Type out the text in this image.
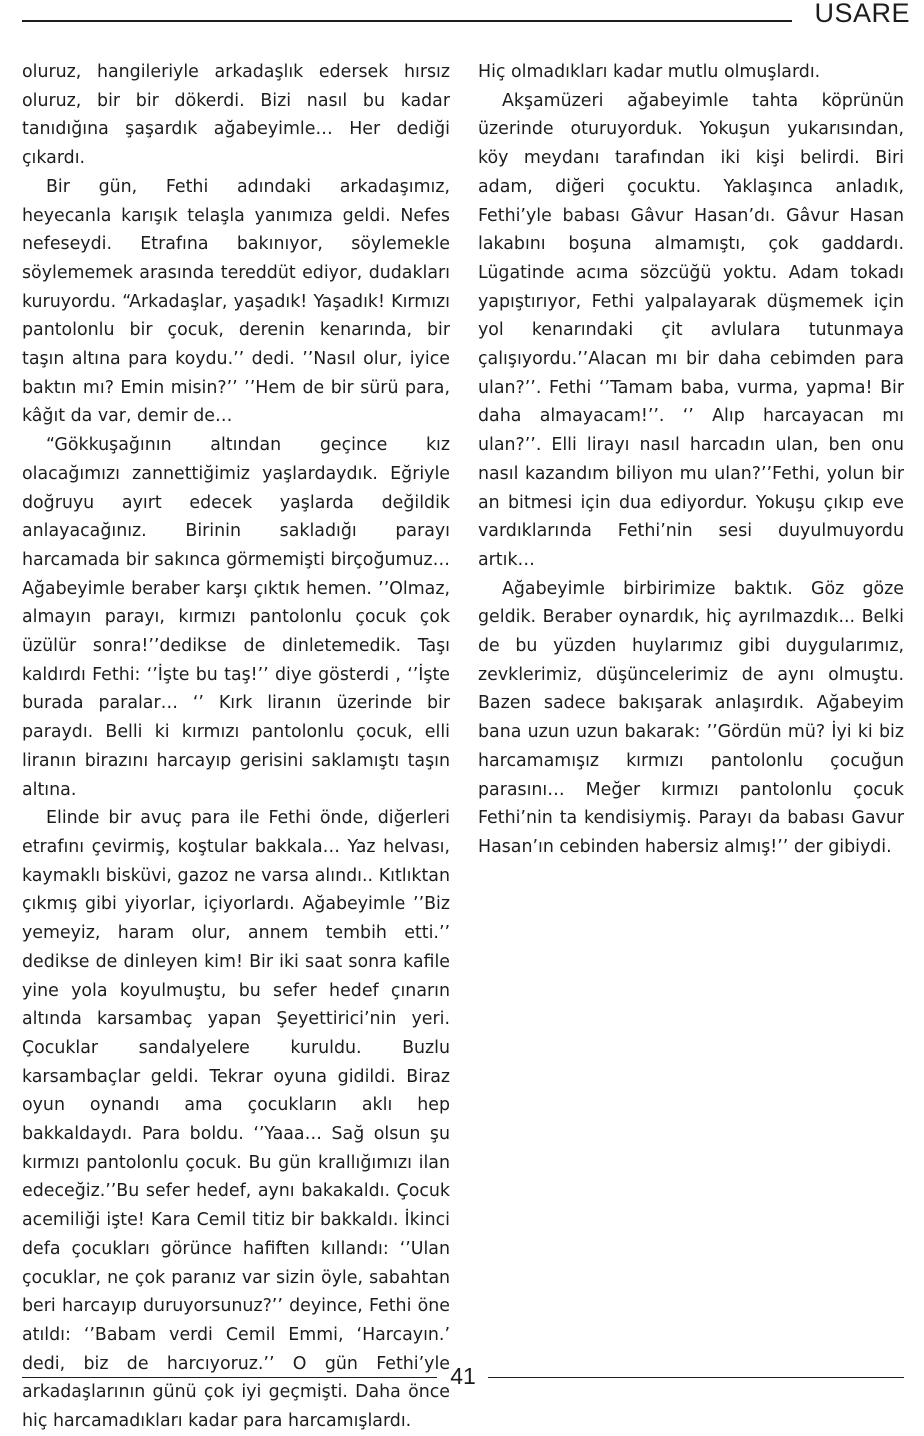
USARE

oluruz, hangileriyle arkadaşlık edersek hırsız oluruz, bir bir dökerdi. Bizi nasıl bu kadar tanıdığına şaşardık ağabeyimle… Her dediği çıkardı.

Bir gün, Fethi adındaki arkadaşımız, heyecanla karışık telaşla yanımıza geldi. Nefes nefeseydi. Etrafına bakınıyor, söylemekle söylememek arasında tereddüt ediyor, dudakları kuruyordu. “Arkadaşlar, yaşadık! Yaşadık! Kırmızı pantolonlu bir çocuk, derenin kenarında, bir taşın altına para koydu.’’ dedi. ’’Nasıl olur, iyice baktın mı? Emin misin?’’ ’’Hem de bir sürü para, kâğıt da var, demir de…

“Gökkuşağının altından geçince kız olacağımızı zannettiğimiz yaşlardaydık. Eğriyle doğruyu ayırt edecek yaşlarda değildik anlayacağınız. Birinin sakladığı parayı harcamada bir sakınca görmemişti birçoğumuz… Ağabeyimle beraber karşı çıktık hemen. ’’Olmaz, almayın parayı, kırmızı pantolonlu çocuk çok üzülür sonra!’’dedikse de dinletemedik. Taşı kaldırdı Fethi: ‘’İşte bu taş!’’ diye gösterdi , ‘’İşte burada paralar… ‘’ Kırk liranın üzerinde bir paraydı. Belli ki kırmızı pantolonlu çocuk, elli liranın birazını harcayıp gerisini saklamıştı taşın altına.

Elinde bir avuç para ile Fethi önde, diğerleri etrafını çevirmiş, koştular bakkala… Yaz helvası, kaymaklı bisküvi, gazoz ne varsa alındı.. Kıtlıktan çıkmış gibi yiyorlar, içiyorlardı. Ağabeyimle ’’Biz yemeyiz, haram olur, annem tembih etti.’’ dedikse de dinleyen kim! Bir iki saat sonra kafile yine yola koyulmuştu, bu sefer hedef çınarın altında karsambaç yapan Şeyettirici’nin yeri. Çocuklar sandalyelere kuruldu. Buzlu karsambaçlar geldi. Tekrar oyuna gidildi. Biraz oyun oynandı ama çocukların aklı hep bakkaldaydı. Para boldu. ‘’Yaaa… Sağ olsun şu kırmızı pantolonlu çocuk. Bu gün krallığımızı ilan edeceğiz.’’Bu sefer hedef, aynı bakakaldı. Çocuk acemiliği işte! Kara Cemil titiz bir bakkaldı. İkinci defa çocukları görünce hafiften kıllandı: ‘’Ulan çocuklar, ne çok paranız var sizin öyle, sabahtan beri harcayıp duruyorsunuz?’’ deyince, Fethi öne atıldı: ‘’Babam verdi Cemil Emmi, ‘Harcayın.’ dedi, biz de harcıyoruz.’’ O gün Fethi’yle arkadaşlarının günü çok iyi geçmişti. Daha önce hiç harcamadıkları kadar para harcamışlardı.

Hiç olmadıkları kadar mutlu olmuşlardı.

Akşamüzeri ağabeyimle tahta köprünün üzerinde oturuyorduk. Yokuşun yukarısından, köy meydanı tarafından iki kişi belirdi. Biri adam, diğeri çocuktu. Yaklaşınca anladık, Fethi’yle babası Gâvur Hasan’dı. Gâvur Hasan lakabını boşuna almamıştı, çok gaddardı. Lügatinde acıma sözcüğü yoktu. Adam tokadı yapıştırıyor, Fethi yalpalayarak düşmemek için yol kenarındaki çit avlulara tutunmaya çalışıyordu.’’Alacan mı bir daha cebimden para ulan?’’. Fethi ‘’Tamam baba, vurma, yapma! Bir daha almayacam!’’. ‘’ Alıp harcayacan mı ulan?’’. Elli lirayı nasıl harcadın ulan, ben onu nasıl kazandım biliyon mu ulan?’’Fethi, yolun bir an bitmesi için dua ediyordur. Yokuşu çıkıp eve vardıklarında Fethi’nin sesi duyulmuyordu artık…

Ağabeyimle birbirimize baktık. Göz göze geldik. Beraber oynardık, hiç ayrılmazdık... Belki de bu yüzden huylarımız gibi duygularımız, zevklerimiz, düşüncelerimiz de aynı olmuştu. Bazen sadece bakışarak anlaşırdık. Ağabeyim bana uzun uzun bakarak: ’’Gördün mü? İyi ki biz harcamamışız kırmızı pantolonlu çocuğun parasını… Meğer kırmızı pantolonlu çocuk Fethi’nin ta kendisiymiş. Parayı da babası Gavur Hasan’ın cebinden habersiz almış!’’ der gibiydi.

41
